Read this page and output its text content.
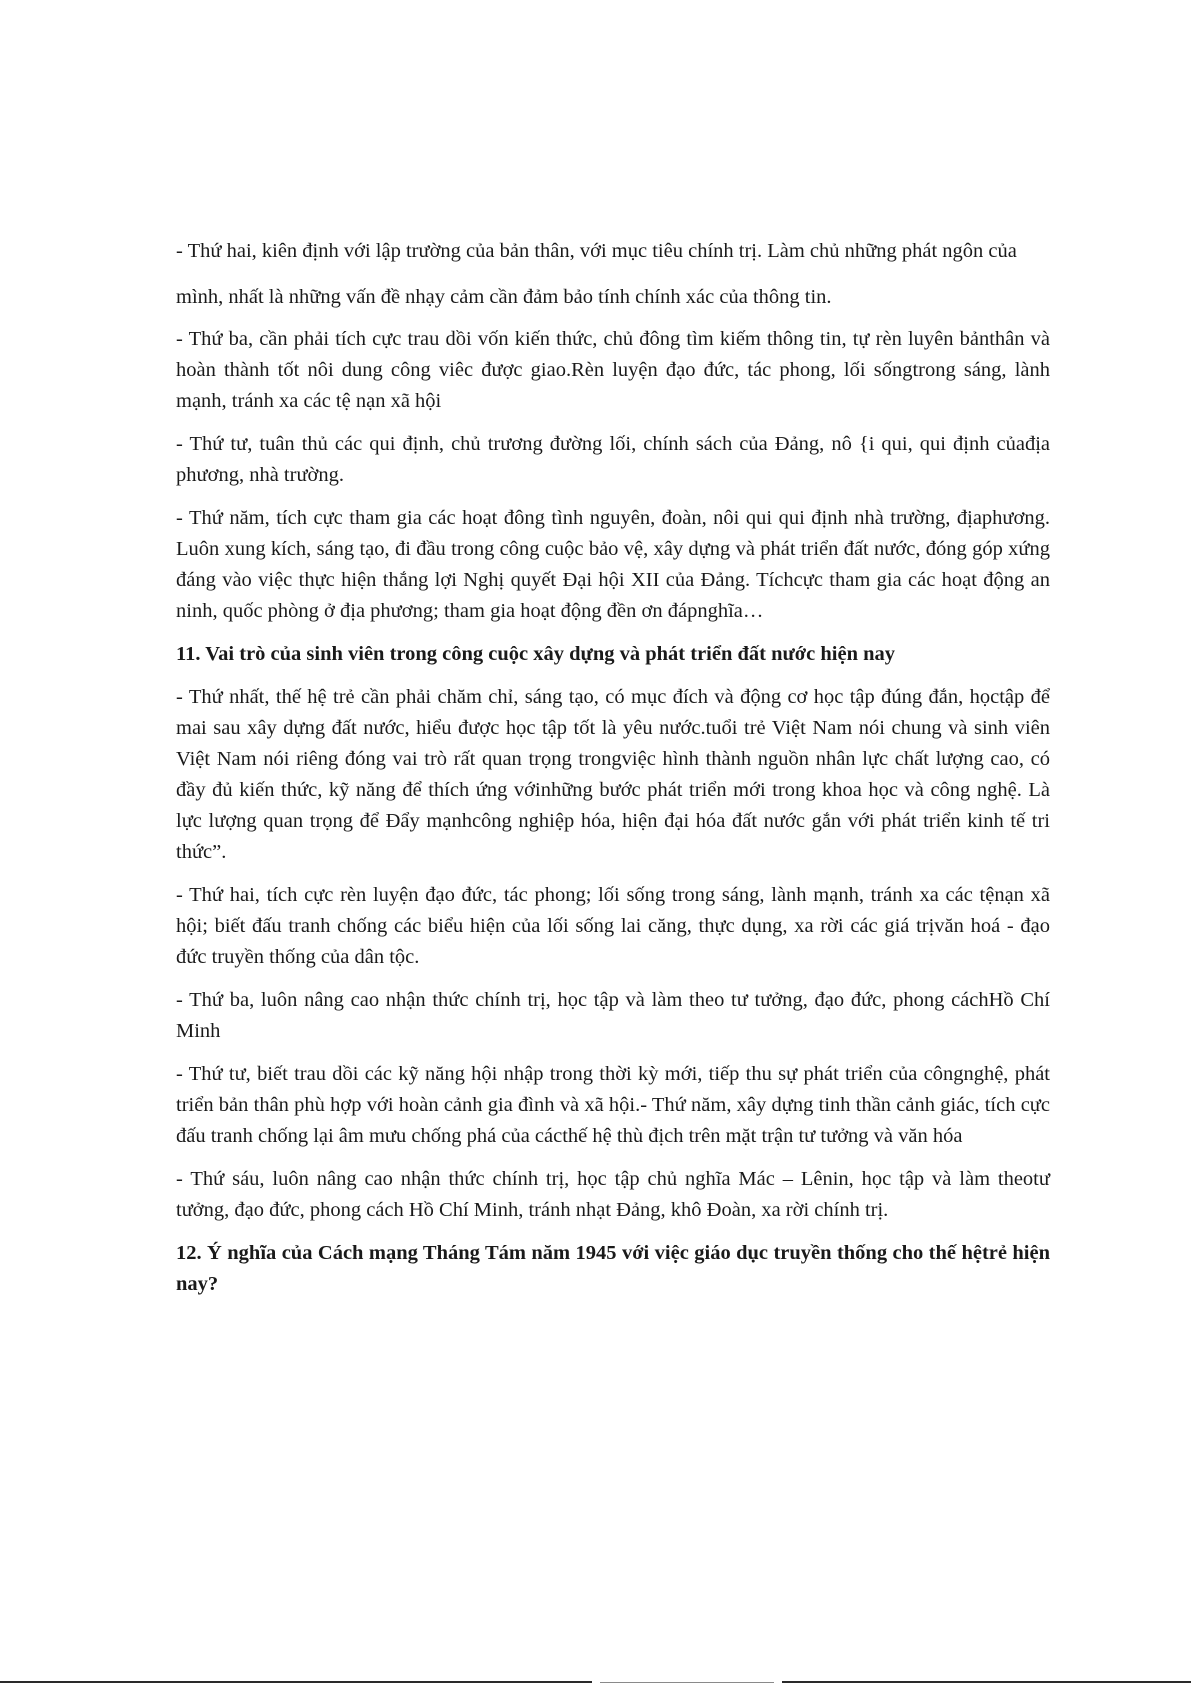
- Thứ hai, kiên định với lập trường của bản thân, với mục tiêu chính trị. Làm chủ những phát ngôn của mình, nhất là những vấn đề nhạy cảm cần đảm bảo tính chính xác của thông tin.

- Thứ ba, cần phải tích cực trau dồi vốn kiến thức, chủ đông tìm kiếm thông tin, tự rèn luyên bảnthân và hoàn thành tốt nôi dung công viêc được giao.Rèn luyện đạo đức, tác phong, lối sốngtrong sáng, lành mạnh, tránh xa các tệ nạn xã hội

- Thứ tư, tuân thủ các qui định, chủ trương đường lối, chính sách của Đảng, nô {i qui, qui định củađịa phương, nhà trường.

- Thứ năm, tích cực tham gia các hoạt đông tình nguyên, đoàn, nôi qui qui định nhà trường, địaphương. Luôn xung kích, sáng tạo, đi đầu trong công cuộc bảo vệ, xây dựng và phát triển đất nước, đóng góp xứng đáng vào việc thực hiện thắng lợi Nghị quyết Đại hội XII của Đảng. Tíchcực tham gia các hoạt động an ninh, quốc phòng ở địa phương; tham gia hoạt động đền ơn đápnghĩa…

11. Vai trò của sinh viên trong công cuộc xây dựng và phát triển đất nước hiện nay

- Thứ nhất, thế hệ trẻ cần phải chăm chỉ, sáng tạo, có mục đích và động cơ học tập đúng đắn, họctập để mai sau xây dựng đất nước, hiểu được học tập tốt là yêu nước.tuổi trẻ Việt Nam nói chung và sinh viên Việt Nam nói riêng đóng vai trò rất quan trọng trongviệc hình thành nguồn nhân lực chất lượng cao, có đầy đủ kiến thức, kỹ năng để thích ứng vớinhững bước phát triển mới trong khoa học và công nghệ. Là lực lượng quan trọng để Đẩy mạnhcông nghiệp hóa, hiện đại hóa đất nước gắn với phát triển kinh tế tri thức”.

- Thứ hai, tích cực rèn luyện đạo đức, tác phong; lối sống trong sáng, lành mạnh, tránh xa các tệnạn xã hội; biết đấu tranh chống các biểu hiện của lối sống lai căng, thực dụng, xa rời các giá trịvăn hoá - đạo đức truyền thống của dân tộc.

- Thứ ba, luôn nâng cao nhận thức chính trị, học tập và làm theo tư tưởng, đạo đức, phong cáchHồ Chí Minh

- Thứ tư, biết trau dồi các kỹ năng hội nhập trong thời kỳ mới, tiếp thu sự phát triển của côngnghệ, phát triển bản thân phù hợp với hoàn cảnh gia đình và xã hội.- Thứ năm, xây dựng tinh thần cảnh giác, tích cực đấu tranh chống lại âm mưu chống phá của cácthế hệ thù địch trên mặt trận tư tưởng và văn hóa

- Thứ sáu, luôn nâng cao nhận thức chính trị, học tập chủ nghĩa Mác – Lênin, học tập và làm theotư tưởng, đạo đức, phong cách Hồ Chí Minh, tránh nhạt Đảng, khô Đoàn, xa rời chính trị.

12. Ý nghĩa của Cách mạng Tháng Tám năm 1945 với việc giáo dục truyền thống cho thế hệtrẻ hiện nay?
